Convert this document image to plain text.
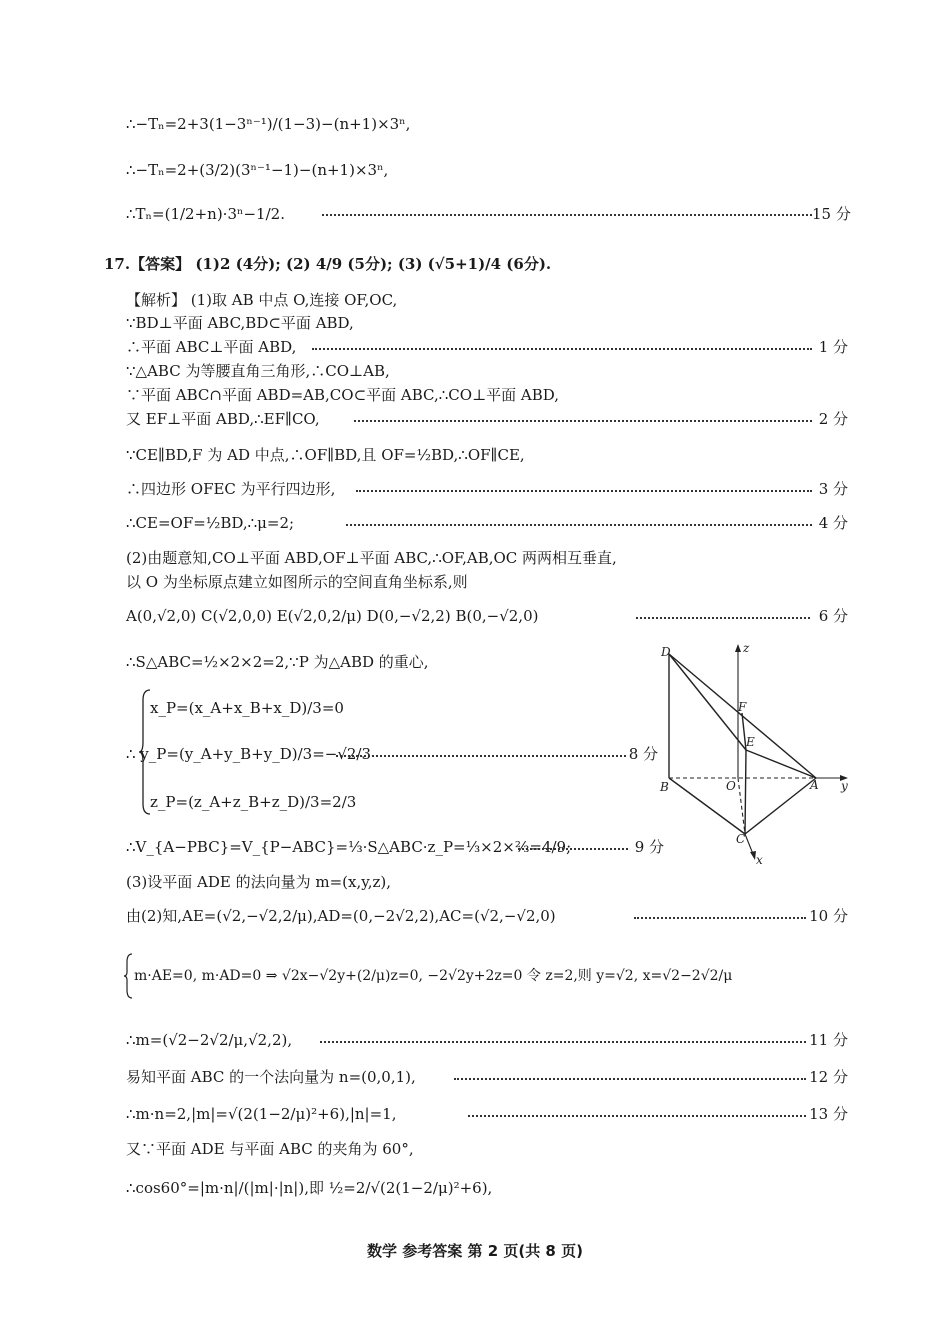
∴−Tₙ=2+3(1−3ⁿ⁻¹)/(1−3)−(n+1)×3ⁿ,
∴−Tₙ=2+(3/2)(3ⁿ⁻¹−1)−(n+1)×3ⁿ,
∴Tₙ=(1/2+n)·3ⁿ−1/2.	15 分
17.【答案】 (1)2 (4分); (2) 4/9 (5分); (3) (√5+1)/4 (6分).
【解析】 (1)取 AB 中点 O,连接 OF,OC,
∵BD⊥平面 ABC,BD⊂平面 ABD,
∴平面 ABC⊥平面 ABD,	1 分
∵△ABC 为等腰直角三角形,∴CO⊥AB,
∵平面 ABC∩平面 ABD=AB,CO⊂平面 ABC,∴CO⊥平面 ABD,
又 EF⊥平面 ABD,∴EF∥CO,	2 分
∵CE∥BD,F 为 AD 中点,∴OF∥BD,且 OF=½BD,∴OF∥CE,
∴四边形 OFEC 为平行四边形,	3 分
∴CE=OF=½BD,∴μ=2;	4 分
(2)由题意知,CO⊥平面 ABD,OF⊥平面 ABC,∴OF,AB,OC 两两相互垂直,
以 O 为坐标原点建立如图所示的空间直角坐标系,则
A(0,√2,0) C(√2,0,0) E(√2,0,2/μ) D(0,−√2,2) B(0,−√2,0)	6 分
∴S△ABC=½×2×2=2,∵P 为△ABD 的重心,
x_P=(x_A+x_B+x_D)/3=0
∴ y_P=(y_A+y_B+y_D)/3=−√2/3	8 分
z_P=(z_A+z_B+z_D)/3=2/3
∴V_{A−PBC}=V_{P−ABC}=⅓·S△ABC·z_P=⅓×2×⅔=4/9;	9 分
(3)设平面 ADE 的法向量为 m=(x,y,z),
由(2)知,AE=(√2,−√2,2/μ),AD=(0,−2√2,2),AC=(√2,−√2,0)	10 分
m·AE=0, m·AD=0 ⇒ √2x−√2y+(2/μ)z=0, −2√2y+2z=0 令 z=2,则 y=√2, x=√2−2√2/μ
∴m=(√2−2√2/μ,√2,2),	11 分
易知平面 ABC 的一个法向量为 n=(0,0,1),	12 分
∴m·n=2,|m|=√(2(1−2/μ)²+6),|n|=1,	13 分
又∵平面 ADE 与平面 ABC 的夹角为 60°,
∴cos60°=|m·n|/(|m|·|n|),即 ½=2/√(2(1−2/μ)²+6),
D	z
F
E
B	O	A y
C
x
数学 参考答案 第 2 页(共 8 页)
